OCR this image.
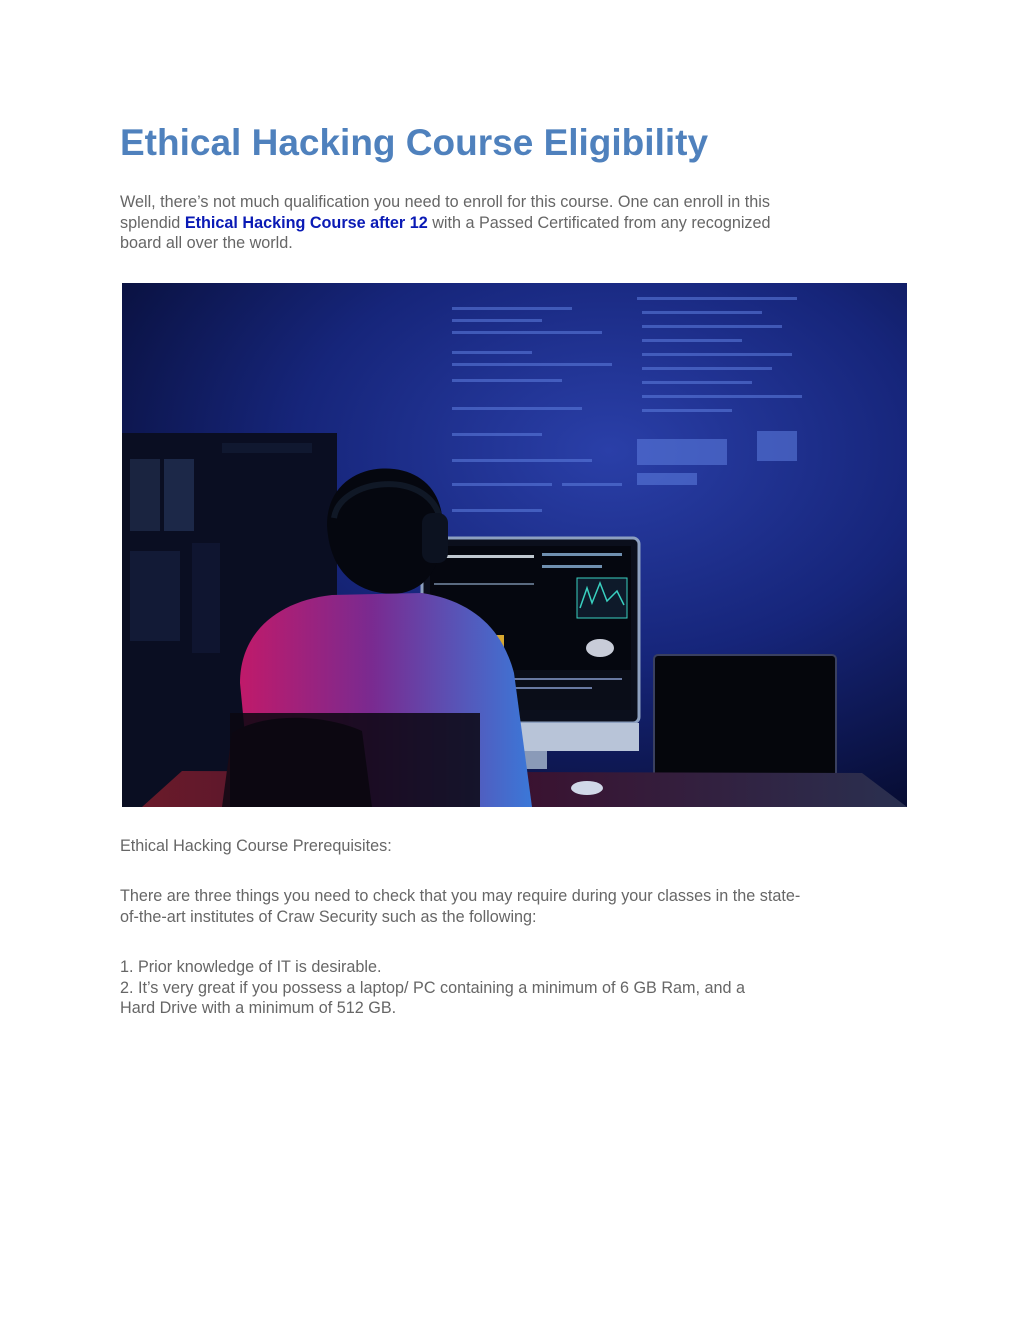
Ethical Hacking Course Eligibility

Well, there’s not much qualification you need to enroll for this course. One can enroll in this
splendid Ethical Hacking Course after 12 with a Passed Certificated from any recognized
board all over the world.

Ethical Hacking Course Prerequisites:

There are three things you need to check that you may require during your classes in the state-
of-the-art institutes of Craw Security such as the following:

1. Prior knowledge of IT is desirable.
2. It’s very great if you possess a laptop/ PC containing a minimum of 6 GB Ram, and a
Hard Drive with a minimum of 512 GB.
